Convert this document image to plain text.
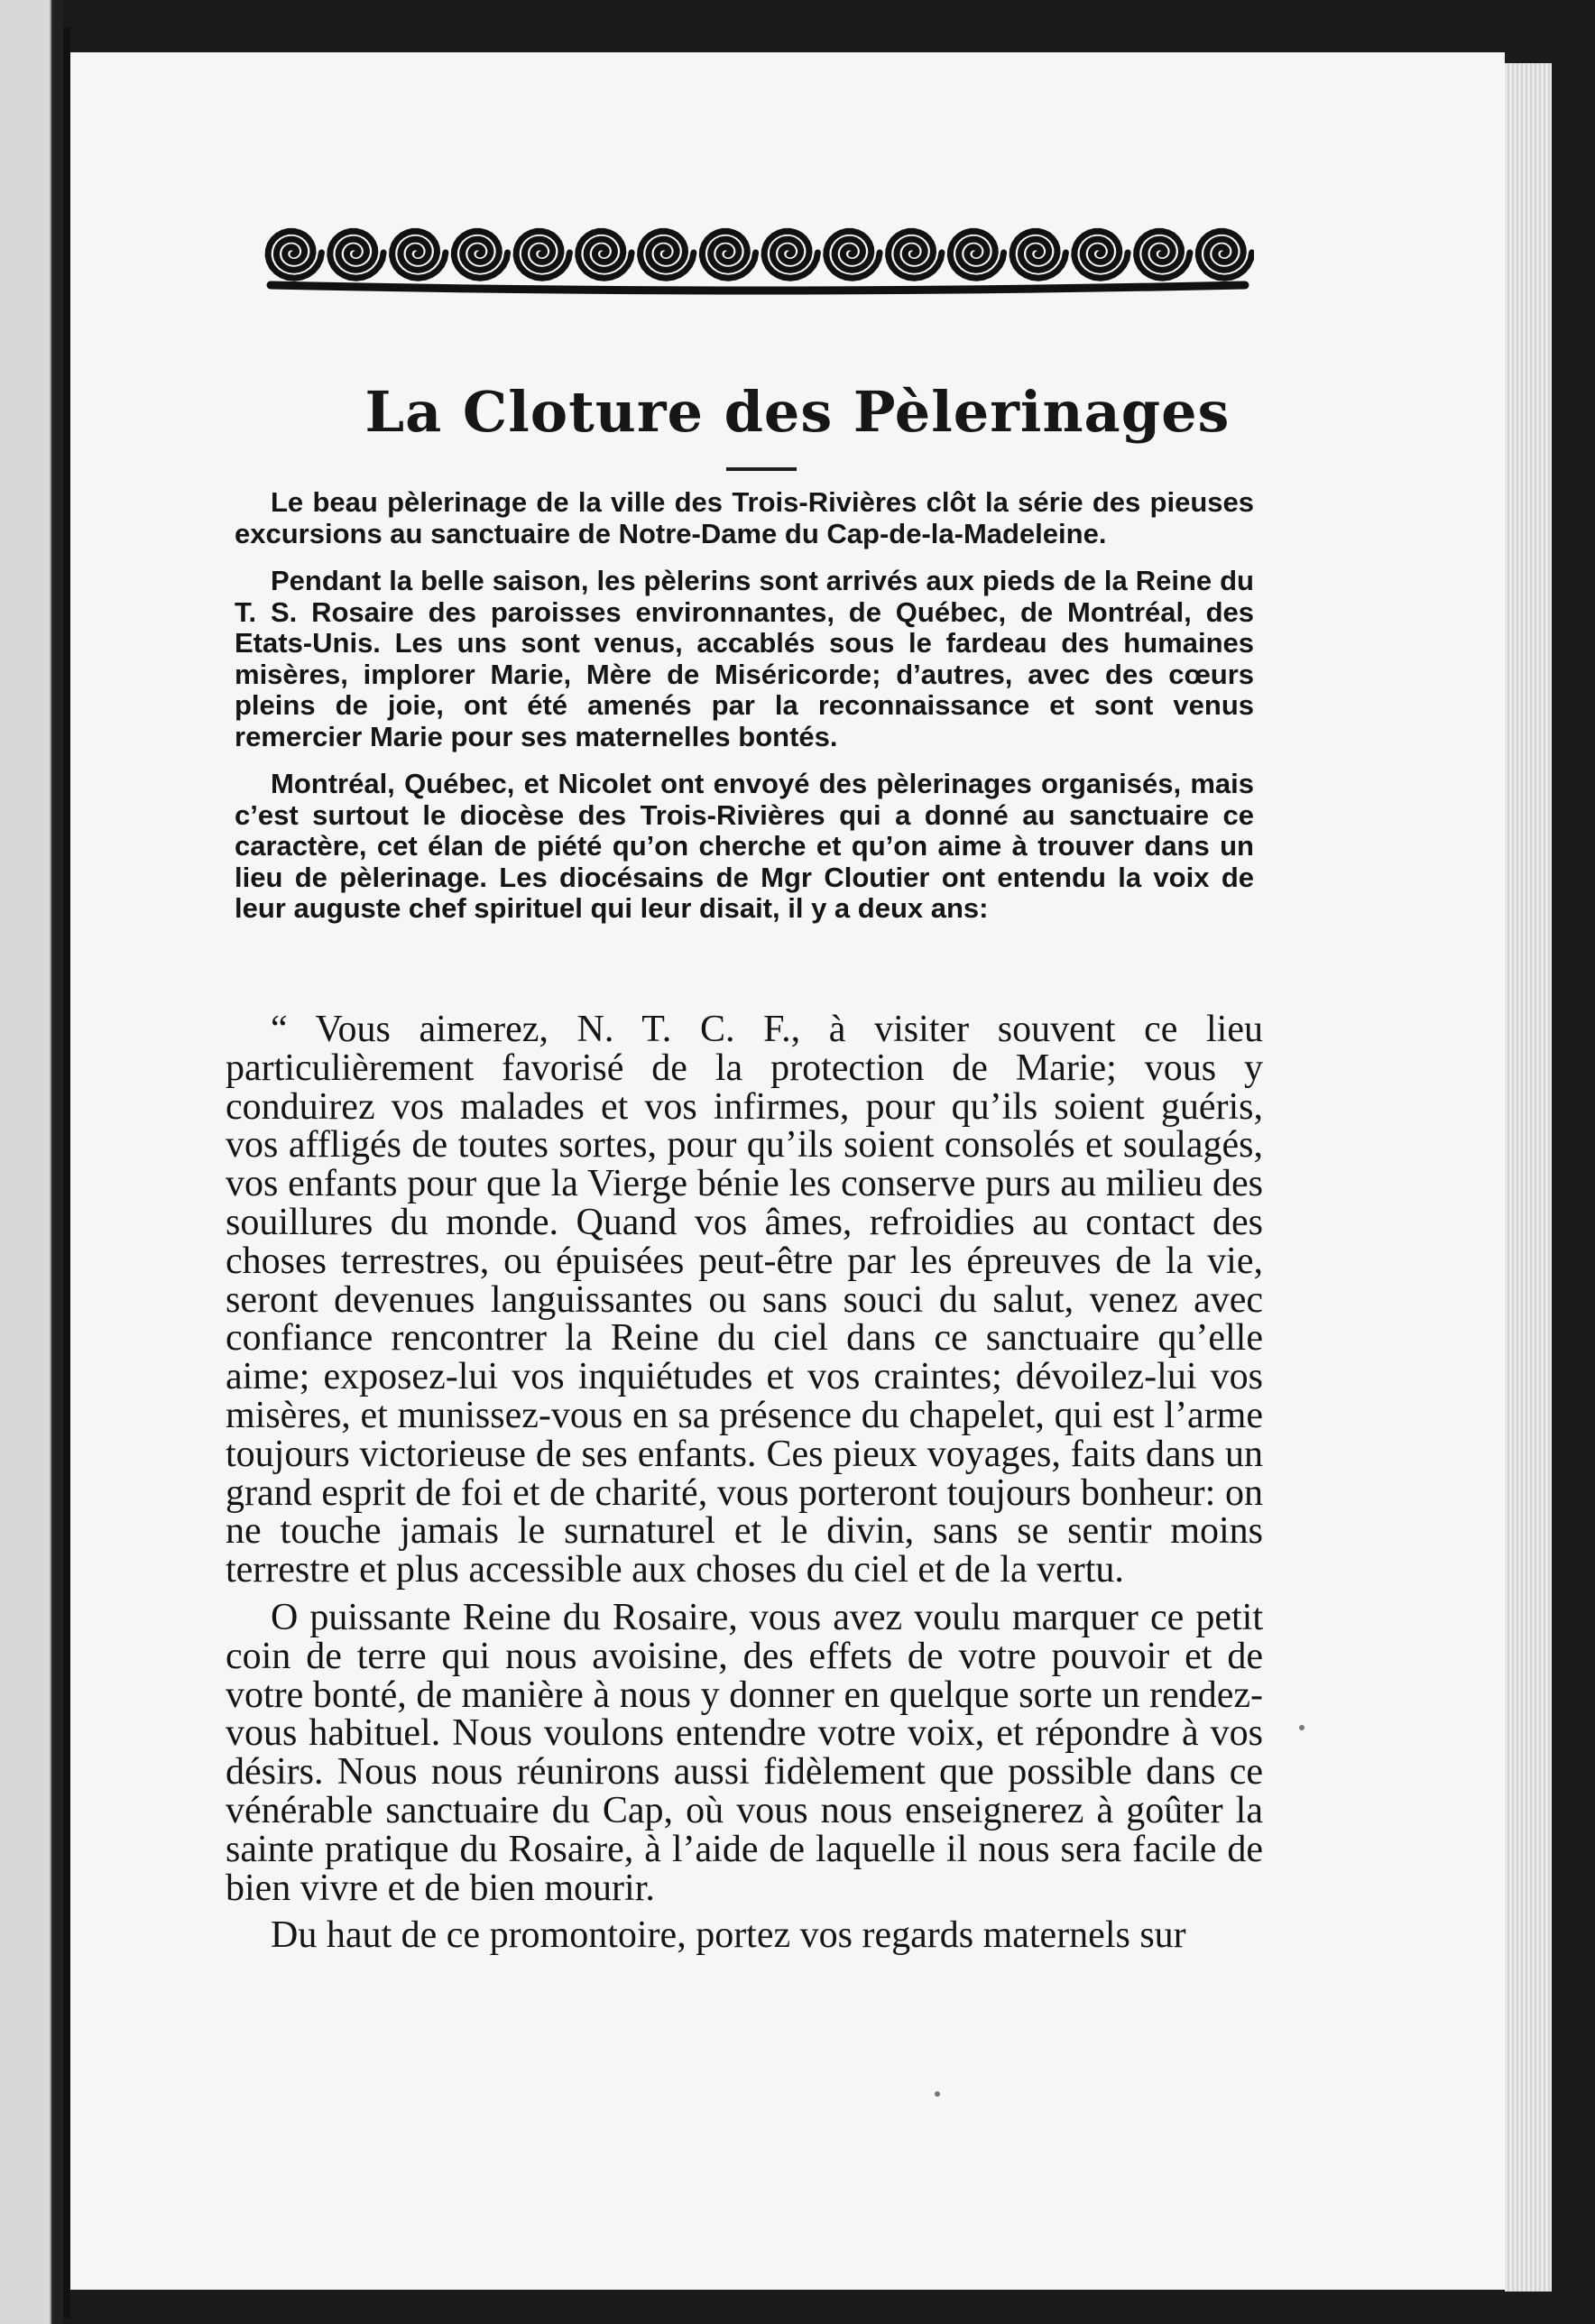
La Cloture des Pèlerinages

Le beau pèlerinage de la ville des Trois-Rivières clôt la série des pieuses excursions au sanctuaire de Notre-Dame du Cap-de-la-Madeleine.

Pendant la belle saison, les pèlerins sont arrivés aux pieds de la Reine du T. S. Rosaire des paroisses environnantes, de Québec, de Montréal, des Etats-Unis. Les uns sont venus, accablés sous le fardeau des humaines misères, implorer Marie, Mère de Miséricorde; d’autres, avec des cœurs pleins de joie, ont été amenés par la reconnaissance et sont venus remercier Marie pour ses maternelles bontés.

Montréal, Québec, et Nicolet ont envoyé des pèlerinages organisés, mais c’est surtout le diocèse des Trois-Rivières qui a donné au sanctuaire ce caractère, cet élan de piété qu’on cherche et qu’on aime à trouver dans un lieu de pèlerinage. Les diocésains de Mgr Cloutier ont entendu la voix de leur auguste chef spirituel qui leur disait, il y a deux ans:

“ Vous aimerez, N. T. C. F., à visiter souvent ce lieu particulièrement favorisé de la protection de Marie; vous y conduirez vos malades et vos infirmes, pour qu’ils soient guéris, vos affligés de toutes sortes, pour qu’ils soient consolés et soulagés, vos enfants pour que la Vierge bénie les conserve purs au milieu des souillures du monde. Quand vos âmes, refroidies au contact des choses terrestres, ou épuisées peut-être par les épreuves de la vie, seront devenues languissantes ou sans souci du salut, venez avec confiance rencontrer la Reine du ciel dans ce sanctuaire qu’elle aime; exposez-lui vos inquiétudes et vos craintes; dévoilez-lui vos misères, et munissez-vous en sa présence du chapelet, qui est l’arme toujours victorieuse de ses enfants. Ces pieux voyages, faits dans un grand esprit de foi et de charité, vous porteront toujours bonheur: on ne touche jamais le surnaturel et le divin, sans se sentir moins terrestre et plus accessible aux choses du ciel et de la vertu.

O puissante Reine du Rosaire, vous avez voulu marquer ce petit coin de terre qui nous avoisine, des effets de votre pouvoir et de votre bonté, de manière à nous y donner en quelque sorte un rendez-vous habituel. Nous voulons entendre votre voix, et répondre à vos désirs. Nous nous réunirons aussi fidèlement que possible dans ce vénérable sanctuaire du Cap, où vous nous enseignerez à goûter la sainte pratique du Rosaire, à l’aide de laquelle il nous sera facile de bien vivre et de bien mourir.

Du haut de ce promontoire, portez vos regards maternels sur
